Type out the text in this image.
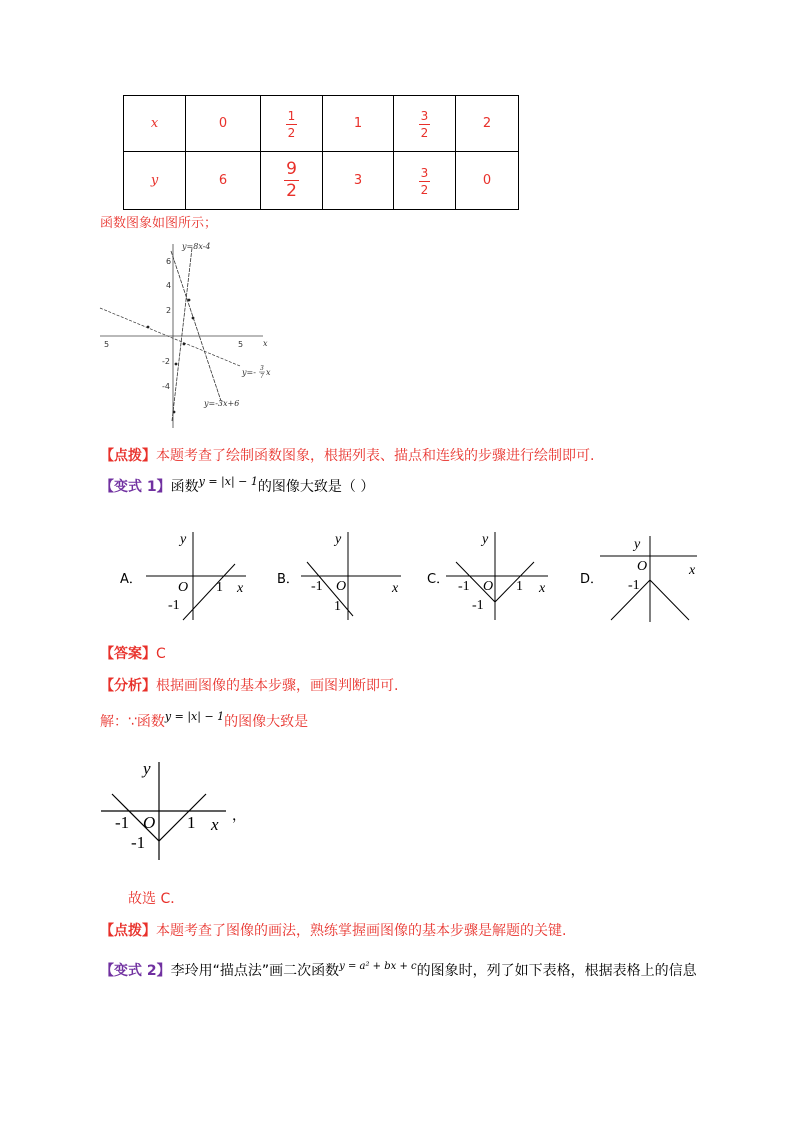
x	0	$\frac{1}{2}$	1	$\frac{3}{2}$	2
y	6	$\frac{9}{2}$	3	$\frac{3}{2}$	0
函数图象如图所示；
x
5	5
6
4
2
-2
-4
y=8x-4
y=- 3
7 x
y=-3x+6
【点拨】本题考查了绘制函数图象，根据列表、描点和连线的步骤进行绘制即可.
【变式 1】函数$^{y = |x| - 1}$的图像大致是（ ）
A．	B．	C．	D．
y
x
O 1
-1
y
x
O
-1
1
y
x
O
-1	1
-1
y
x
O
-1
【答案】C
【分析】根据画图像的基本步骤，画图判断即可.
解：∵函数$^{y = |x| - 1}$的图像大致是
y
x
O
-1	1
-1
，
故选 C．
【点拨】本题考查了图像的画法，熟练掌握画图像的基本步骤是解题的关键.
【变式 2】李玲用“描点法”画二次函数$^{y = a^2 + bx + c}$的图象时，列了如下表格，根据表格上的信息
